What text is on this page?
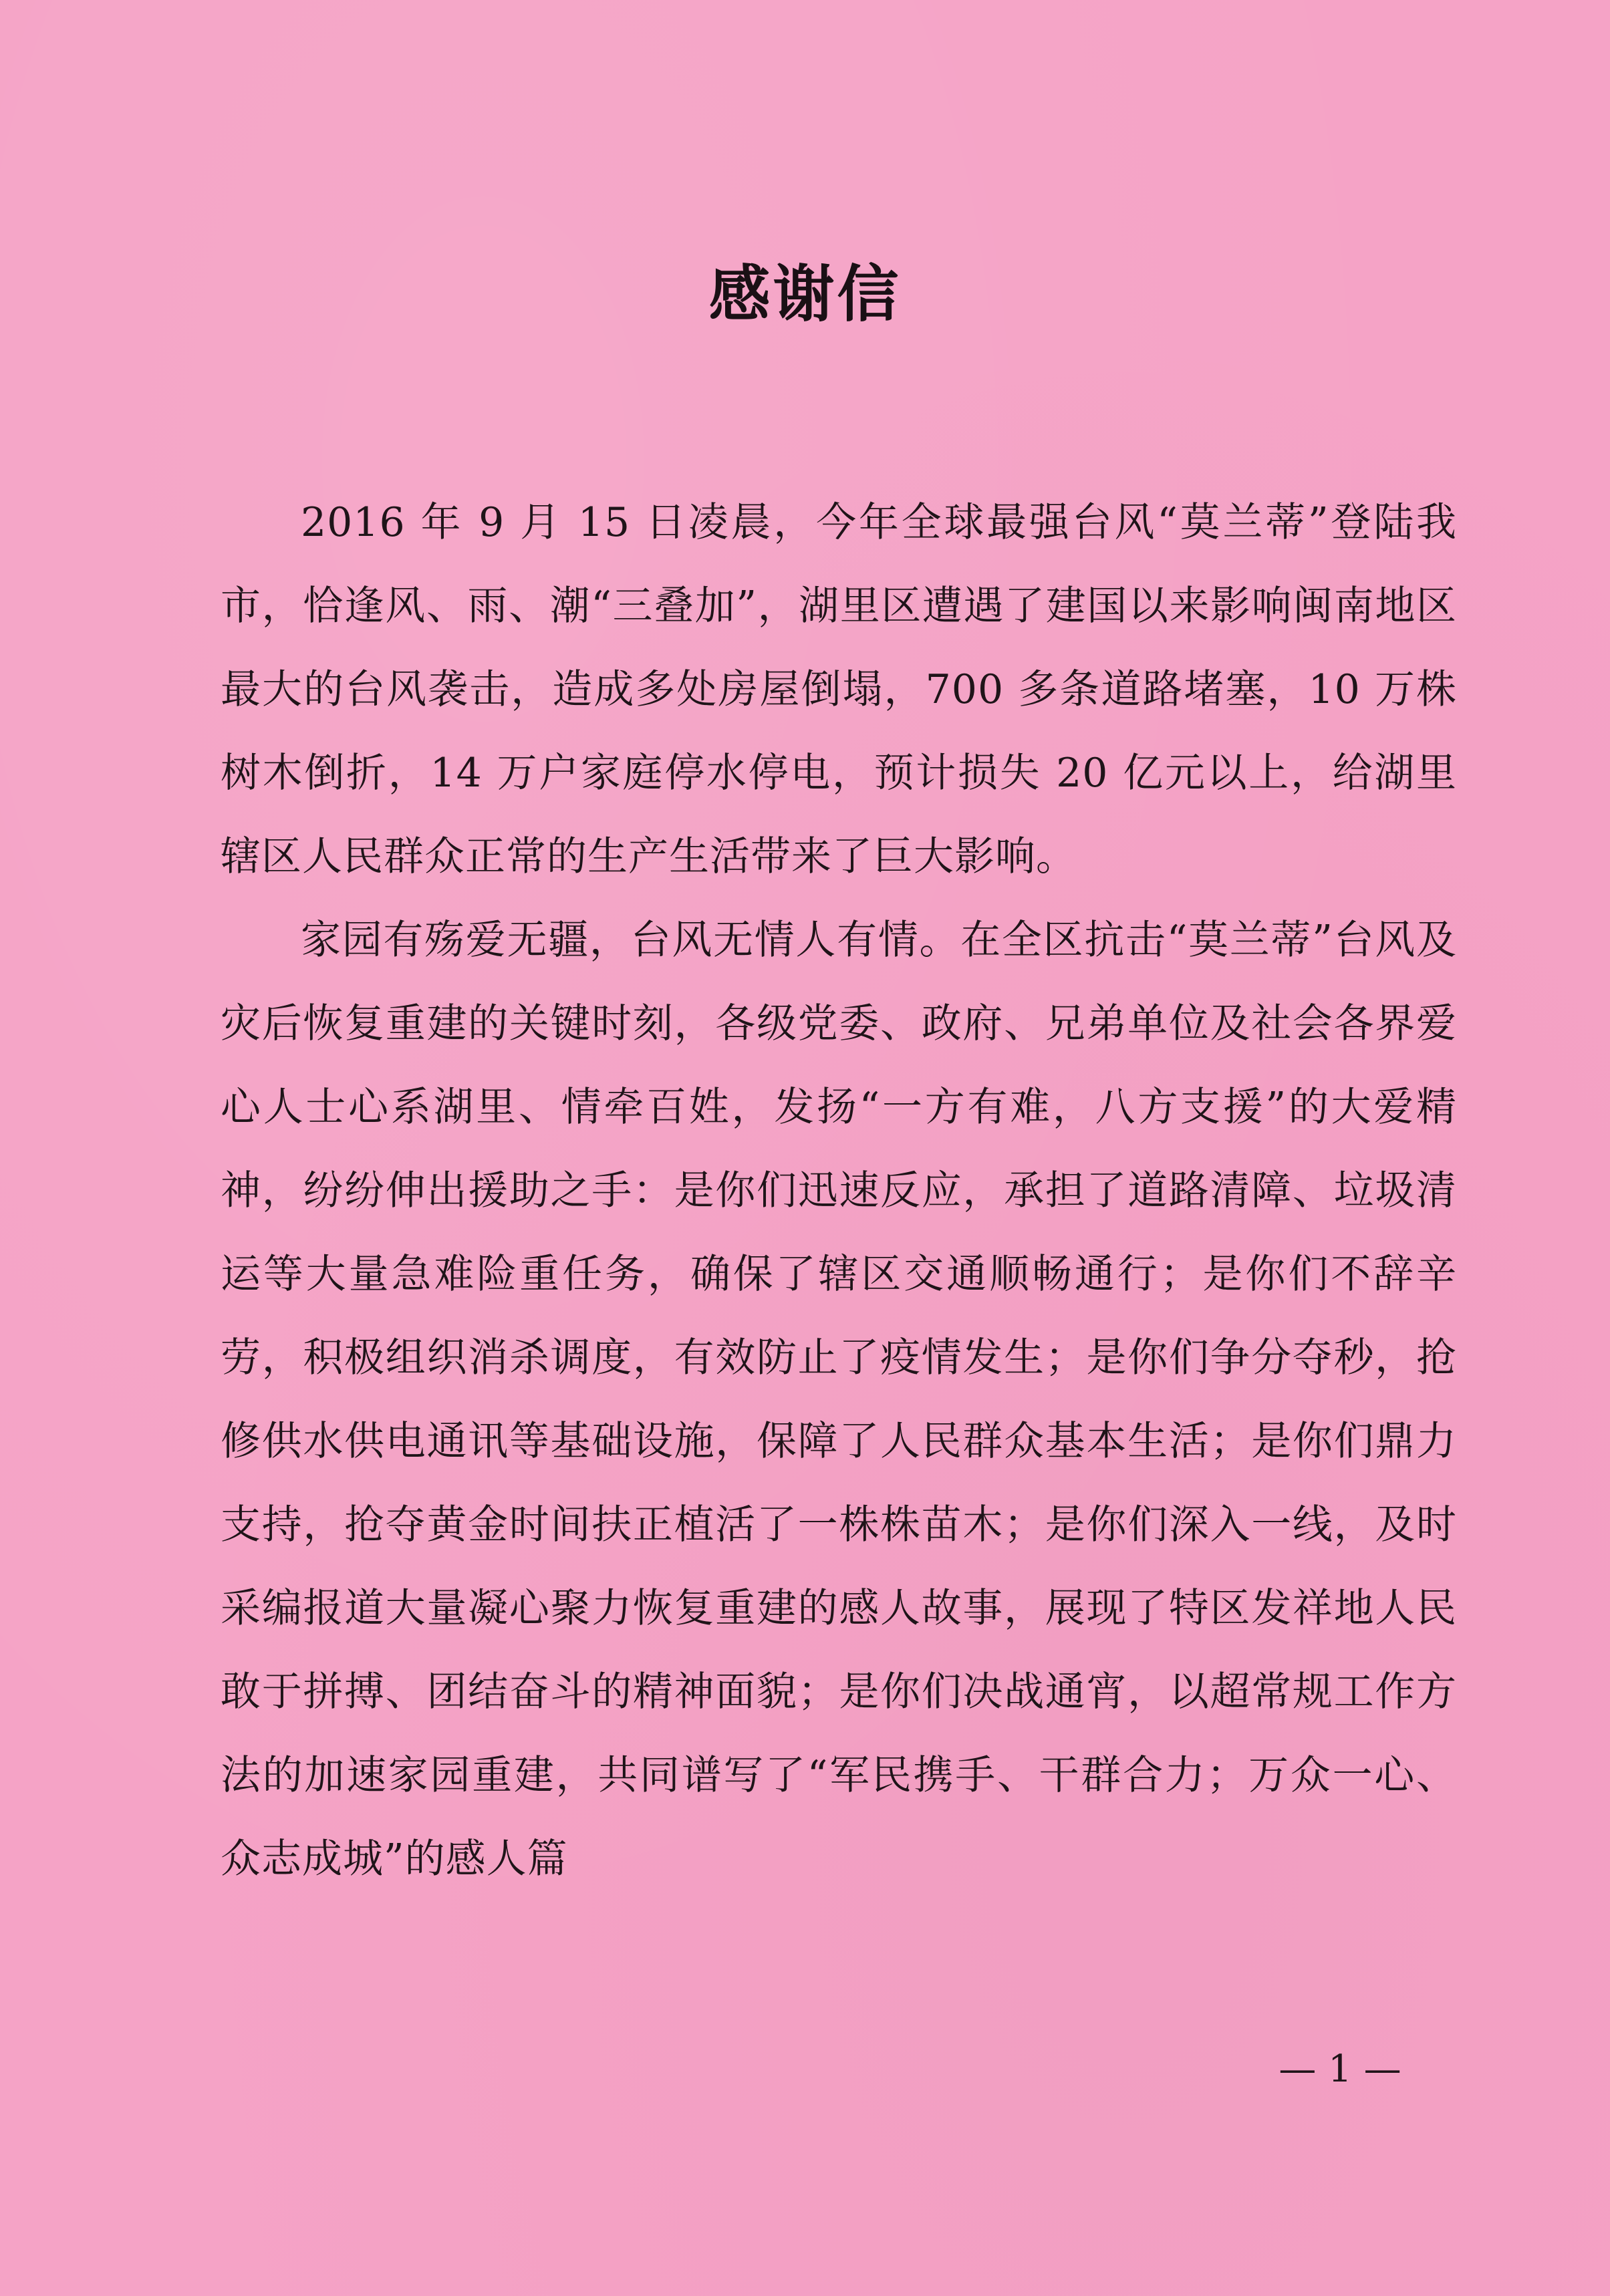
感谢信

2016 年 9 月 15 日凌晨，今年全球最强台风“莫兰蒂”登陆我市，恰逢风、雨、潮“三叠加”，湖里区遭遇了建国以来影响闽南地区最大的台风袭击，造成多处房屋倒塌，700 多条道路堵塞，10 万株树木倒折，14 万户家庭停水停电，预计损失 20 亿元以上，给湖里辖区人民群众正常的生产生活带来了巨大影响。

家园有殇爱无疆，台风无情人有情。在全区抗击“莫兰蒂”台风及灾后恢复重建的关键时刻，各级党委、政府、兄弟单位及社会各界爱心人士心系湖里、情牵百姓，发扬“一方有难，八方支援”的大爱精神，纷纷伸出援助之手：是你们迅速反应，承担了道路清障、垃圾清运等大量急难险重任务，确保了辖区交通顺畅通行；是你们不辞辛劳，积极组织消杀调度，有效防止了疫情发生；是你们争分夺秒，抢修供水供电通讯等基础设施，保障了人民群众基本生活；是你们鼎力支持，抢夺黄金时间扶正植活了一株株苗木；是你们深入一线，及时采编报道大量凝心聚力恢复重建的感人故事，展现了特区发祥地人民敢于拼搏、团结奋斗的精神面貌；是你们决战通宵，以超常规工作方法的加速家园重建，共同谱写了“军民携手、干群合力；万众一心、众志成城”的感人篇

— 1 —
